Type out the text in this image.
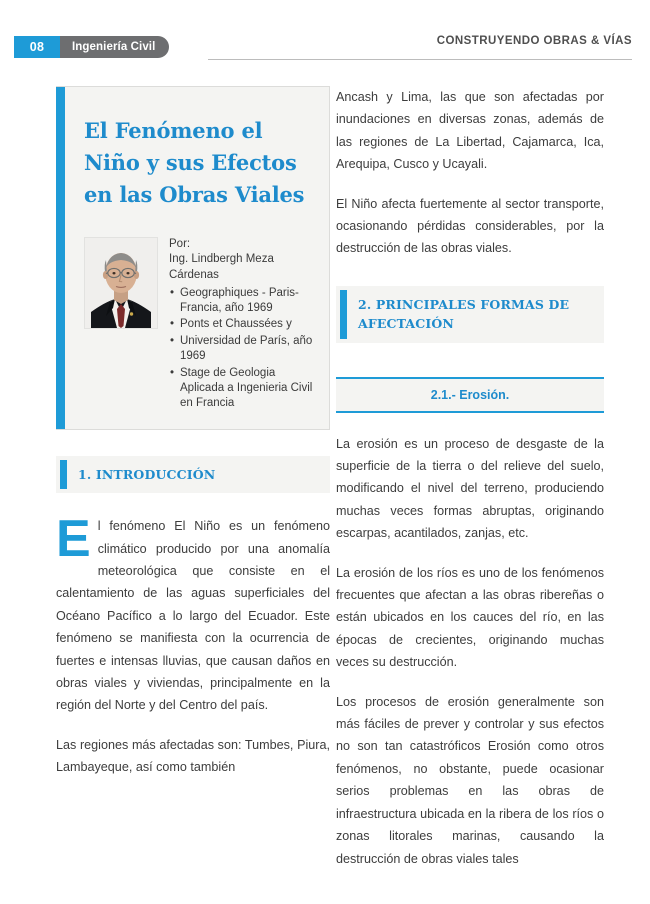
08	Ingeniería Civil	CONSTRUYENDO OBRAS & VÍAS
El Fenómeno el Niño y sus Efectos en las Obras Viales
Por:
Ing. Lindbergh Meza Cárdenas
• Geographiques - Paris-Francia, año 1969
• Ponts et Chaussées y
• Universidad de París, año 1969
• Stage de Geologia Aplicada a Ingenieria Civil en Francia
1. INTRODUCCIÓN

El fenómeno El Niño es un fenómeno climático producido por una anomalía meteorológica que consiste en el calentamiento de las aguas superficiales del Océano Pacífico a lo largo del Ecuador. Este fenómeno se manifiesta con la ocurrencia de fuertes e intensas lluvias, que causan daños en obras viales y viviendas, principalmente en la región del Norte y del Centro del país.

Las regiones más afectadas son: Tumbes, Piura, Lambayeque, así como también

Ancash y Lima, las que son afectadas por inundaciones en diversas zonas, además de las regiones de La Libertad, Cajamarca, Ica, Arequipa, Cusco y Ucayali.

El Niño afecta fuertemente al sector transporte, ocasionando pérdidas considerables, por la destrucción de las obras viales.

2. PRINCIPALES FORMAS DE AFECTACIÓN
2.1.- Erosión.

La erosión es un proceso de desgaste de la superficie de la tierra o del relieve del suelo, modificando el nivel del terreno, produciendo muchas veces formas abruptas, originando escarpas, acantilados, zanjas, etc.

La erosión de los ríos es uno de los fenómenos frecuentes que afectan a las obras ribereñas o están ubicados en los cauces del río, en las épocas de crecientes, originando muchas veces su destrucción.

Los procesos de erosión generalmente son más fáciles de prever y controlar y sus efectos no son tan catastróficos Erosión como otros fenómenos, no obstante, puede ocasionar serios problemas en las obras de infraestructura ubicada en la ribera de los ríos o zonas litorales marinas, causando la destrucción de obras viales tales
